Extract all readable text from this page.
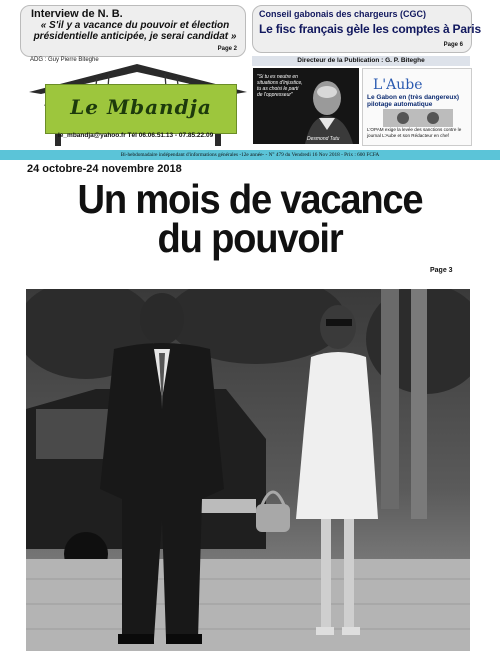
Interview de N. B.
« S'il y a vacance du pouvoir et élection présidentielle anticipée, je serai candidat »
Page 2
Conseil gabonais des chargeurs (CGC)
Le fisc français gèle les comptes à Paris
Page 6
ADG : Guy Pierre Biteghe
Le Mbandja
le_mbandja@yahoo.fr Tél 06.06.51.13 - 07.85.22.09
Directeur de la Publication : G. P. Biteghe
"Si tu es neutre en situations d'injustice, tu as choisi le parti de l'oppresseur"
Desmond Tutu
L'Aube
Le Gabon en (très dangereux) pilotage automatique
L'OPAM exige la levée des sanctions contre le journal L'Aube et son Rédacteur en chef
Bi-hebdomadaire indépendant d'informations générales -12e année- - N° 479 du Vendredi 16 Nov 2018 - Prix : 600 FCFA
24 octobre-24 novembre 2018
Un mois de vacance
du pouvoir
Page 3
